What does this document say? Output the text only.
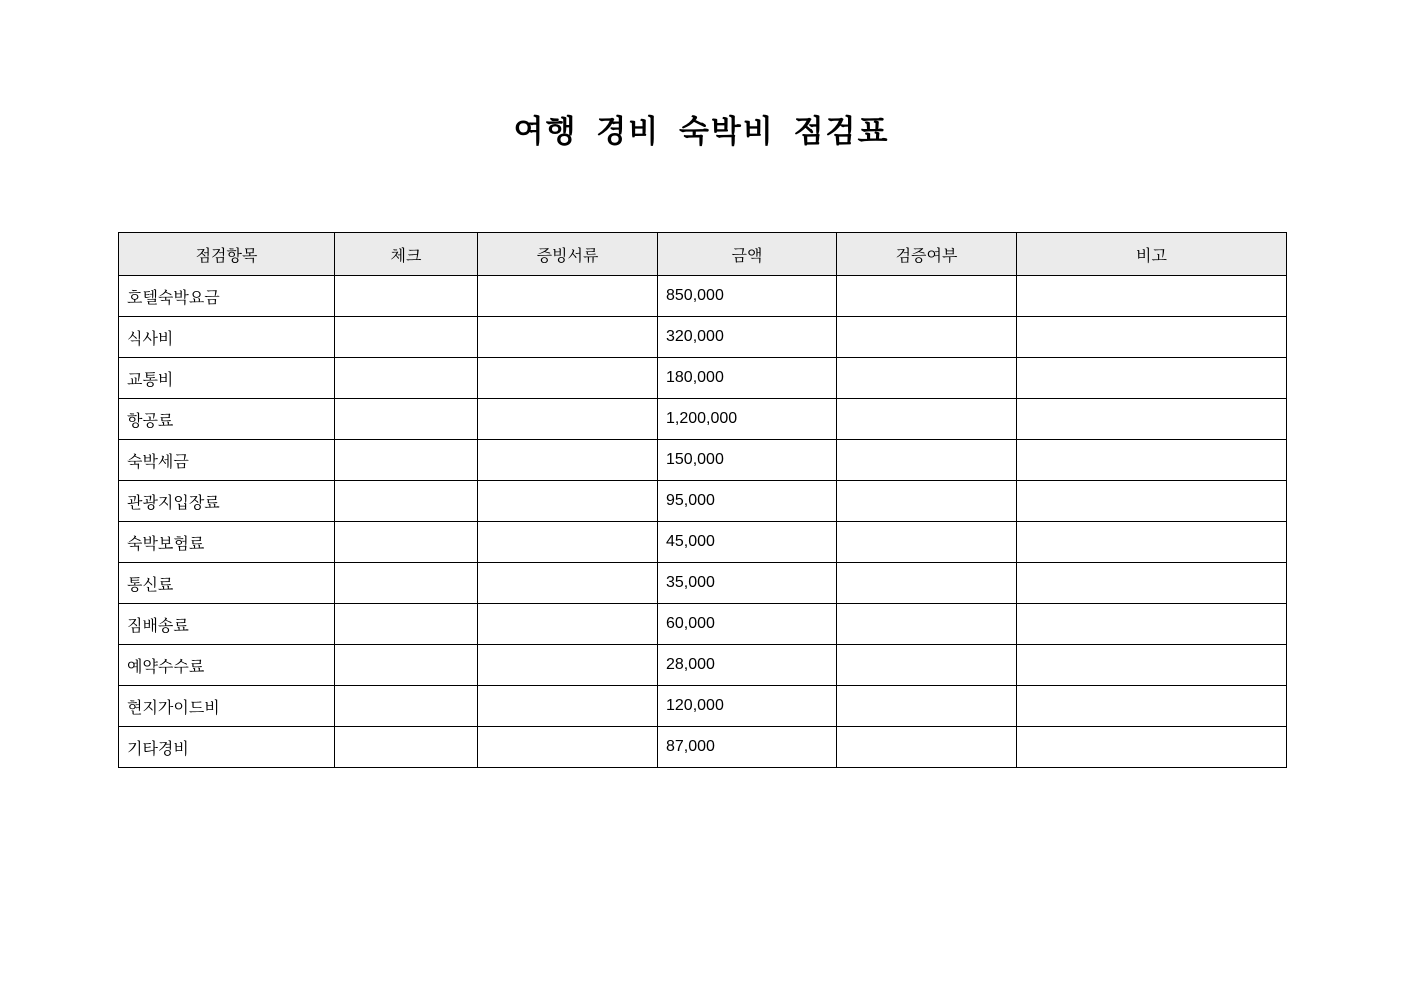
여행 경비 숙박비 점검표
점검항목	체크	증빙서류	금액	검증여부	비고
호텔숙박요금			850,000		
식사비			320,000		
교통비			180,000		
항공료			1,200,000		
숙박세금			150,000		
관광지입장료			95,000		
숙박보험료			45,000		
통신료			35,000		
짐배송료			60,000		
예약수수료			28,000		
현지가이드비			120,000		
기타경비			87,000		
